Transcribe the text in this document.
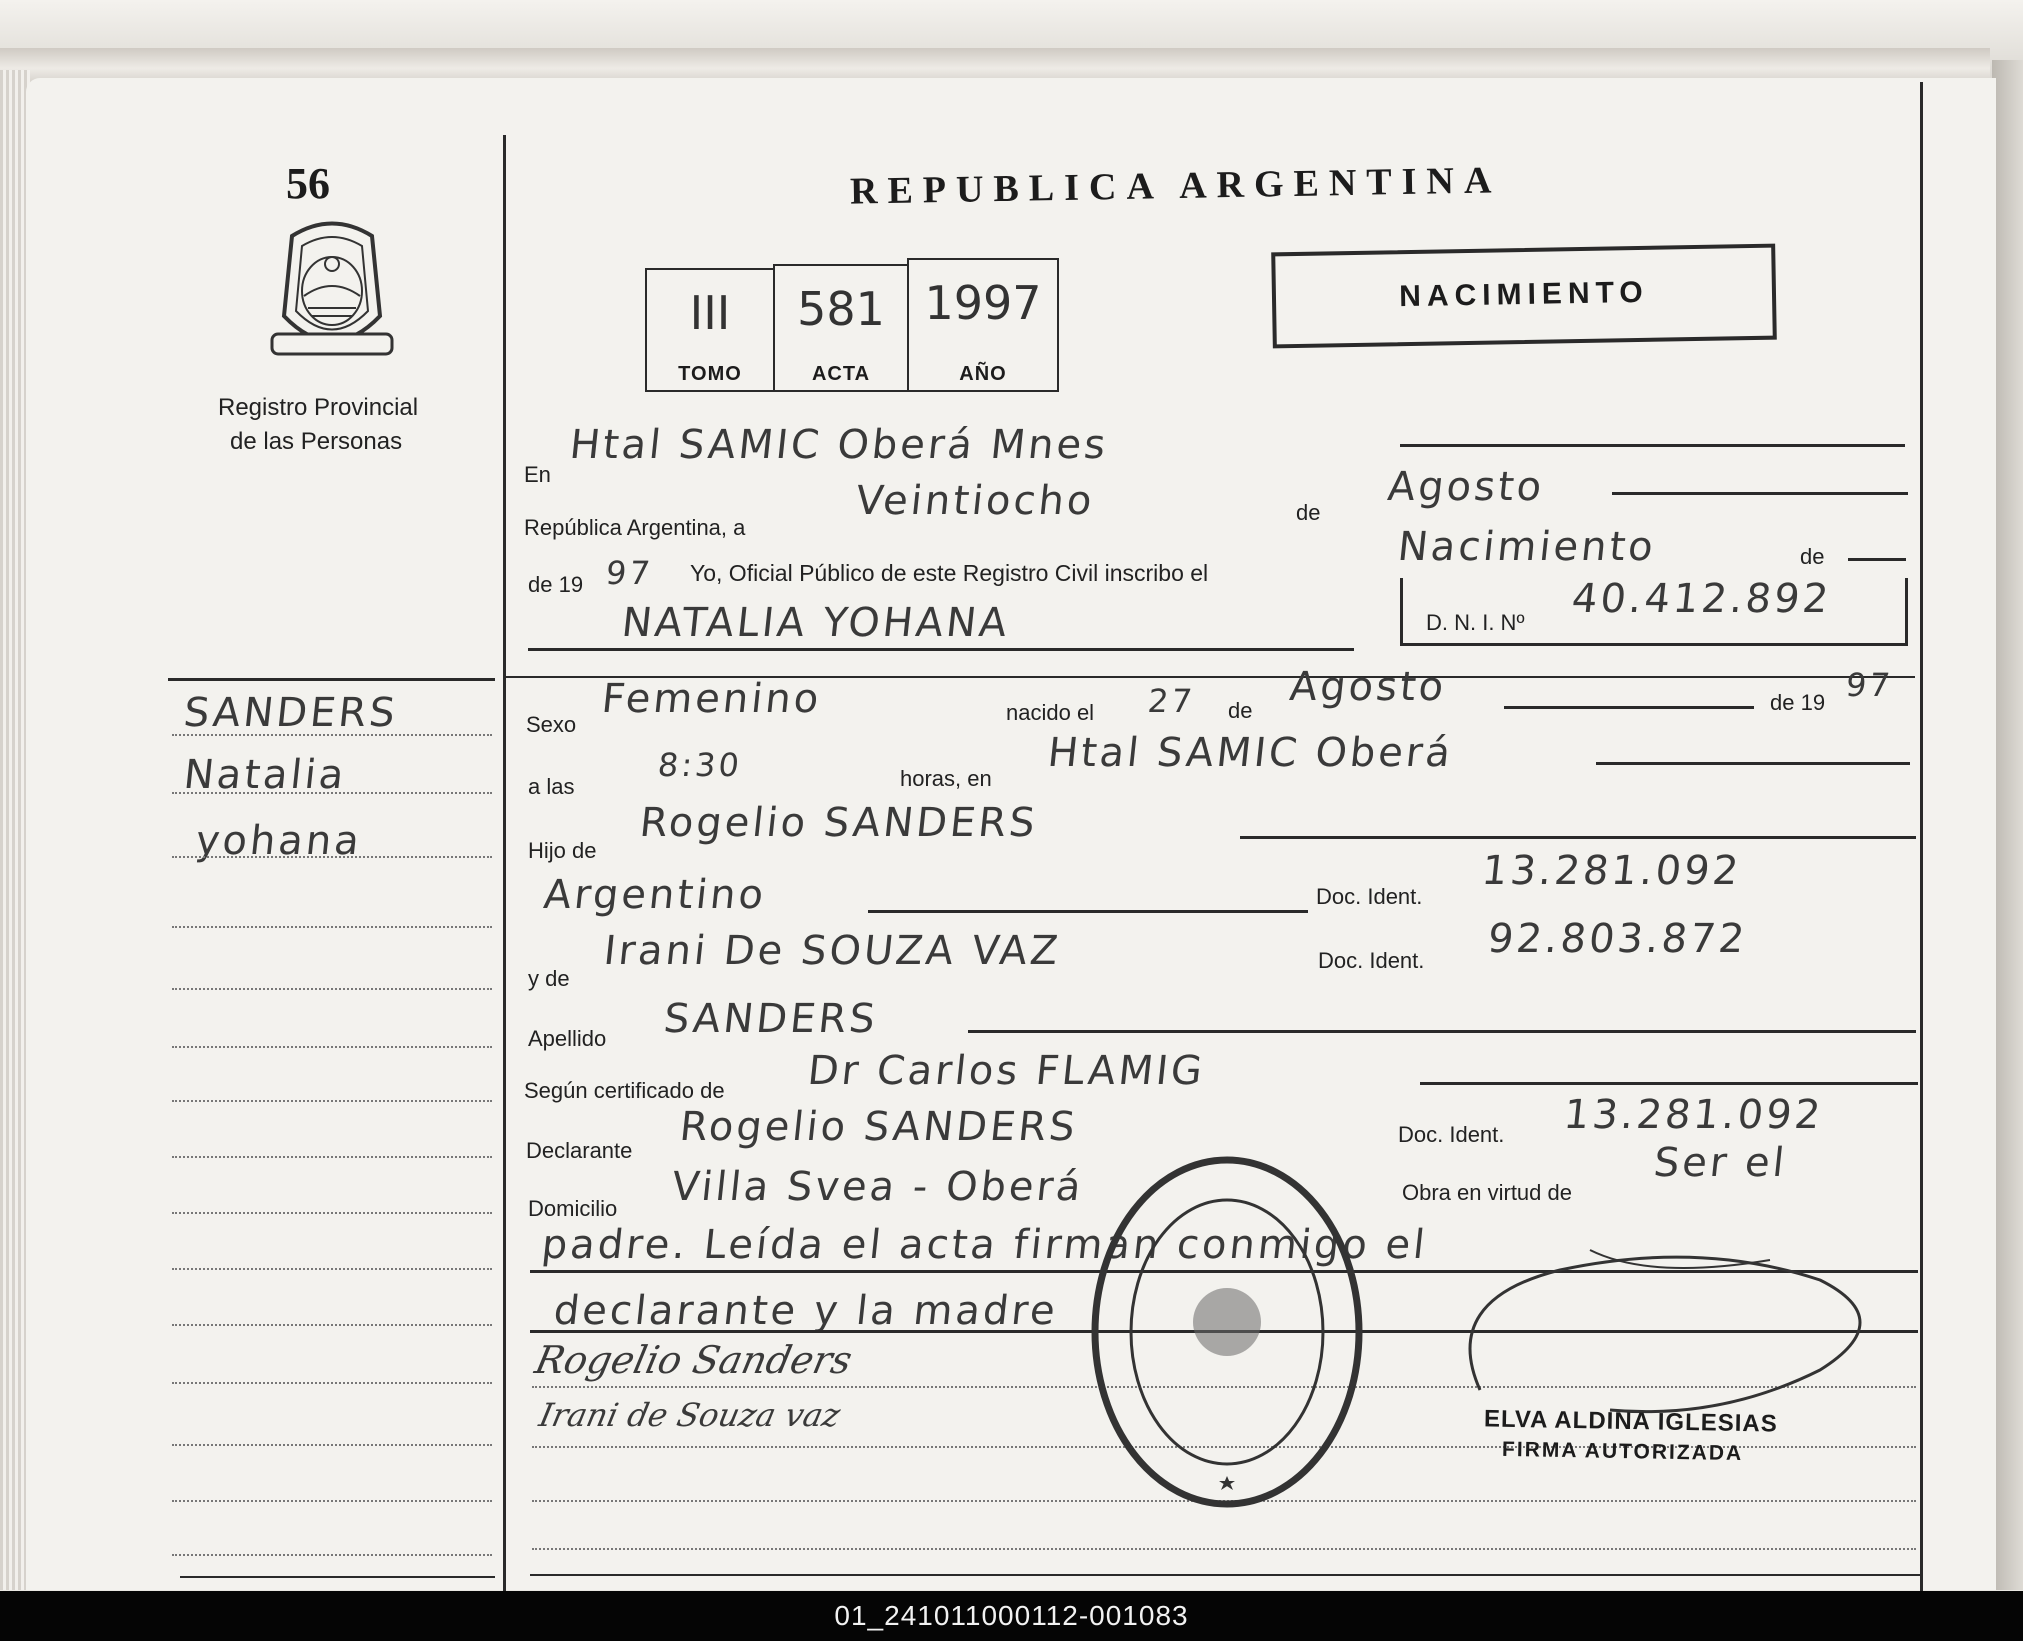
56
Registro Provincial
de las Personas
SANDERS
Natalia
yohana
REPUBLICA ARGENTINA
III
TOMO
581
ACTA
1997
AÑO
NACIMIENTO
En
Htal SAMIC Oberá Mnes
República Argentina, a
Veintiocho	de
Agosto
de 19 97 Yo, Oficial Público de este Registro Civil inscribo el
Nacimiento	de
NATALIA YOHANA	D. N. I. Nº
40.412.892
Sexo
Femenino	nacido el 27 de
Agosto	de 19 97
a las
8:30	horas, en
Htal SAMIC Oberá
Hijo de
Rogelio SANDERS
Argentino	Doc. Ident.
13.281.092
y de
Irani De SOUZA VAZ	Doc. Ident. 92.803.872
Apellido SANDERS
Según certificado de Dr Carlos FLAMIG
Declarante
Rogelio SANDERS	Doc. Ident. 13.281.092
Domicilio Villa Svea - Oberá	Obra en virtud de
Ser el
padre. Leída el acta firman conmigo el
declarante y la madre
Rogelio Sanders
Irani de Souza vaz	ELVA ALDINA IGLESIAS
FIRMA AUTORIZADA
01_241011000112-001083
